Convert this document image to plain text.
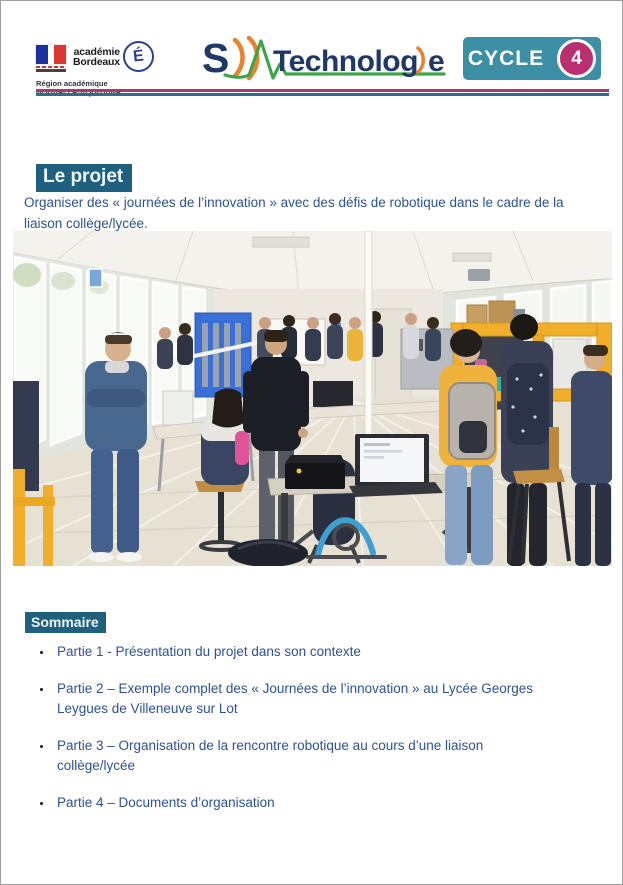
académie
Bordeaux É
Région académique
S Technolog e CYCLE	4
Le projet

Organiser des « journées de l’innovation » avec des défis de robotique dans le cadre de la liaison collège/lycée.

Sommaire
• Partie 1 - Présentation du projet dans son contexte
• Partie 2 – Exemple complet des « Journées de l’innovation » au Lycée Georges Leygues de Villeneuve sur Lot
• Partie 3 – Organisation de la rencontre robotique au cours d’une liaison collège/lycée
• Partie 4 – Documents d’organisation
